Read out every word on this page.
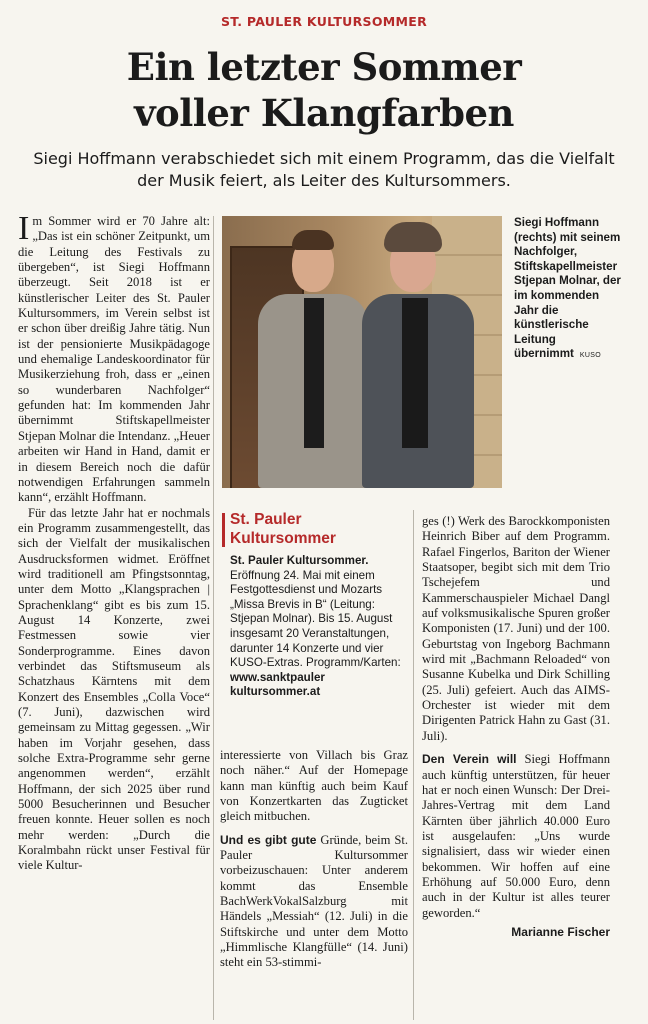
ST. PAULER KULTURSOMMER
Ein letzter Sommer
voller Klangfarben
Siegi Hoffmann verabschiedet sich mit einem Programm, das die Vielfalt der Musik feiert, als Leiter des Kultursommers.

Im Sommer wird er 70 Jahre alt: „Das ist ein schöner Zeitpunkt, um die Leitung des Festivals zu übergeben“, ist Siegi Hoffmann überzeugt. Seit 2018 ist er künstlerischer Leiter des St. Pauler Kultursommers, im Verein selbst ist er schon über dreißig Jahre tätig. Nun ist der pensionierte Musikpädagoge und ehemalige Landeskoordinator für Musikerziehung froh, dass er „einen so wunderbaren Nachfolger“ gefunden hat: Im kommenden Jahr übernimmt Stiftskapellmeister Stjepan Molnar die Intendanz. „Heuer arbeiten wir Hand in Hand, damit er in diesem Bereich noch die dafür notwendigen Erfahrungen sammeln kann“, erzählt Hoffmann.

Für das letzte Jahr hat er nochmals ein Programm zusammengestellt, das sich der Vielfalt der musikalischen Ausdrucksformen widmet. Eröffnet wird traditionell am Pfingstsonntag, unter dem Motto „Klangsprachen | Sprachenklang“ gibt es bis zum 15. August 14 Konzerte, zwei Festmessen sowie vier Sonderprogramme. Eines davon verbindet das Stiftsmuseum als Schatzhaus Kärntens mit dem Konzert des Ensembles „Colla Voce“ (7. Juni), dazwischen wird gemeinsam zu Mittag gegessen. „Wir haben im Vorjahr gesehen, dass solche Extra-Programme sehr gerne angenommen werden“, erzählt Hoffmann, der sich 2025 über rund 5000 Besucherinnen und Besucher freuen konnte. Heuer sollen es noch mehr werden: „Durch die Koralmbahn rückt unser Festival für viele Kultur-

Siegi Hoffmann (rechts) mit seinem Nachfolger, Stiftskapellmeister Stjepan Molnar, der im kommenden Jahr die künstlerische Leitung übernimmt KUSO
St. Pauler Kultursommer
St. Pauler Kultursommer. Eröffnung 24. Mai mit einem Festgottesdienst und Mozarts „Missa Brevis in B“ (Leitung: Stjepan Molnar). Bis 15. August insgesamt 20 Veranstaltungen, darunter 14 Konzerte und vier KUSO-Extras. Programm/Karten: www.sanktpauler kultursommer.at

interessierte von Villach bis Graz noch näher.“ Auf der Homepage kann man künftig auch beim Kauf von Konzertkarten das Zugticket gleich mitbuchen.

Und es gibt gute Gründe, beim St. Pauler Kultursommer vorbeizuschauen: Unter anderem kommt das Ensemble BachWerkVokalSalzburg mit Händels „Messiah“ (12. Juli) in die Stiftskirche und unter dem Motto „Himmlische Klangfülle“ (14. Juni) steht ein 53-stimmi-

ges (!) Werk des Barockkomponisten Heinrich Biber auf dem Programm. Rafael Fingerlos, Bariton der Wiener Staatsoper, begibt sich mit dem Trio Tschejefem und Kammerschauspieler Michael Dangl auf volksmusikalische Spuren großer Komponisten (17. Juni) und der 100. Geburtstag von Ingeborg Bachmann wird mit „Bachmann Reloaded“ von Susanne Kubelka und Dirk Schilling (25. Juli) gefeiert. Auch das AIMS-Orchester ist wieder mit dem Dirigenten Patrick Hahn zu Gast (31. Juli).

Den Verein will Siegi Hoffmann auch künftig unterstützen, für heuer hat er noch einen Wunsch: Der Drei-Jahres-Vertrag mit dem Land Kärnten über jährlich 40.000 Euro ist ausgelaufen: „Uns wurde signalisiert, dass wir wieder einen bekommen. Wir hoffen auf eine Erhöhung auf 50.000 Euro, denn auch in der Kultur ist alles teurer geworden.“

Marianne Fischer
